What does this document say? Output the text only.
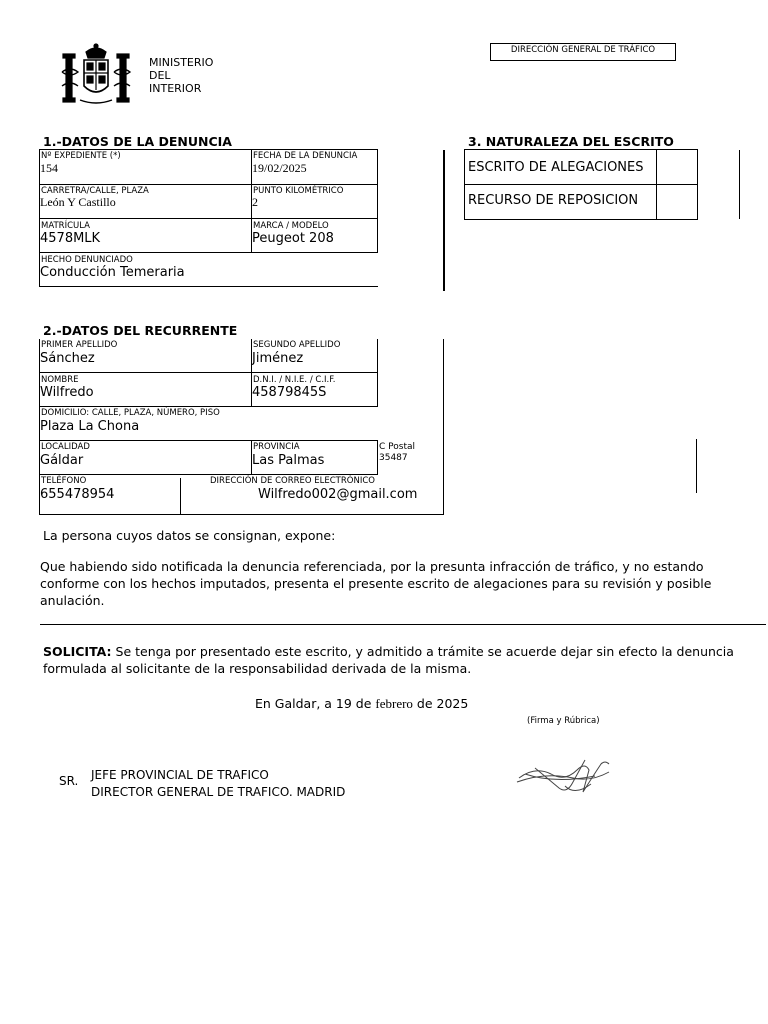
MINISTERIO
DEL
INTERIOR
DIRECCIÓN GENERAL DE TRÁFICO
1.-DATOS DE LA DENUNCIA
Nº EXPEDIENTE (*)
154
FECHA DE LA DENUNCIA
19/02/2025
CARRETRA/CALLE, PLAZA
León Y Castillo
PUNTO KILOMÉTRICO
2
MATRÍCULA
4578MLK
MARCA / MODELO
Peugeot 208
HECHO DENUNCIADO
Conducción Temeraria
3. NATURALEZA DEL ESCRITO
ESCRITO DE ALEGACIONES
RECURSO DE REPOSICION
2.-DATOS DEL RECURRENTE
PRIMER APELLIDO
Sánchez
SEGUNDO APELLIDO
Jiménez
NOMBRE
Wilfredo
D.N.I. / N.I.E. / C.I.F.
45879845S
DOMICILIO: CALLE, PLAZA, NÚMERO, PISO
Plaza La Chona
LOCALIDAD
Gáldar
PROVINCIA
Las Palmas
C Postal
35487
TELÉFONO
655478954
DIRECCIÓN DE CORREO ELECTRÓNICO
Wilfredo002@gmail.com
La persona cuyos datos se consignan, expone:
Que habiendo sido notificada la denuncia referenciada, por la presunta infracción de tráfico, y no estando
conforme con los hechos imputados, presenta el presente escrito de alegaciones para su revisión y posible
anulación.
SOLICITA: Se tenga por presentado este escrito, y admitido a trámite se acuerde dejar sin efecto la denuncia
formulada al solicitante de la responsabilidad derivada de la misma.
En Galdar, a 19 de febrero de 2025
(Firma y Rúbrica)
SR. JEFE PROVINCIAL DE TRAFICO
DIRECTOR GENERAL DE TRAFICO. MADRID
